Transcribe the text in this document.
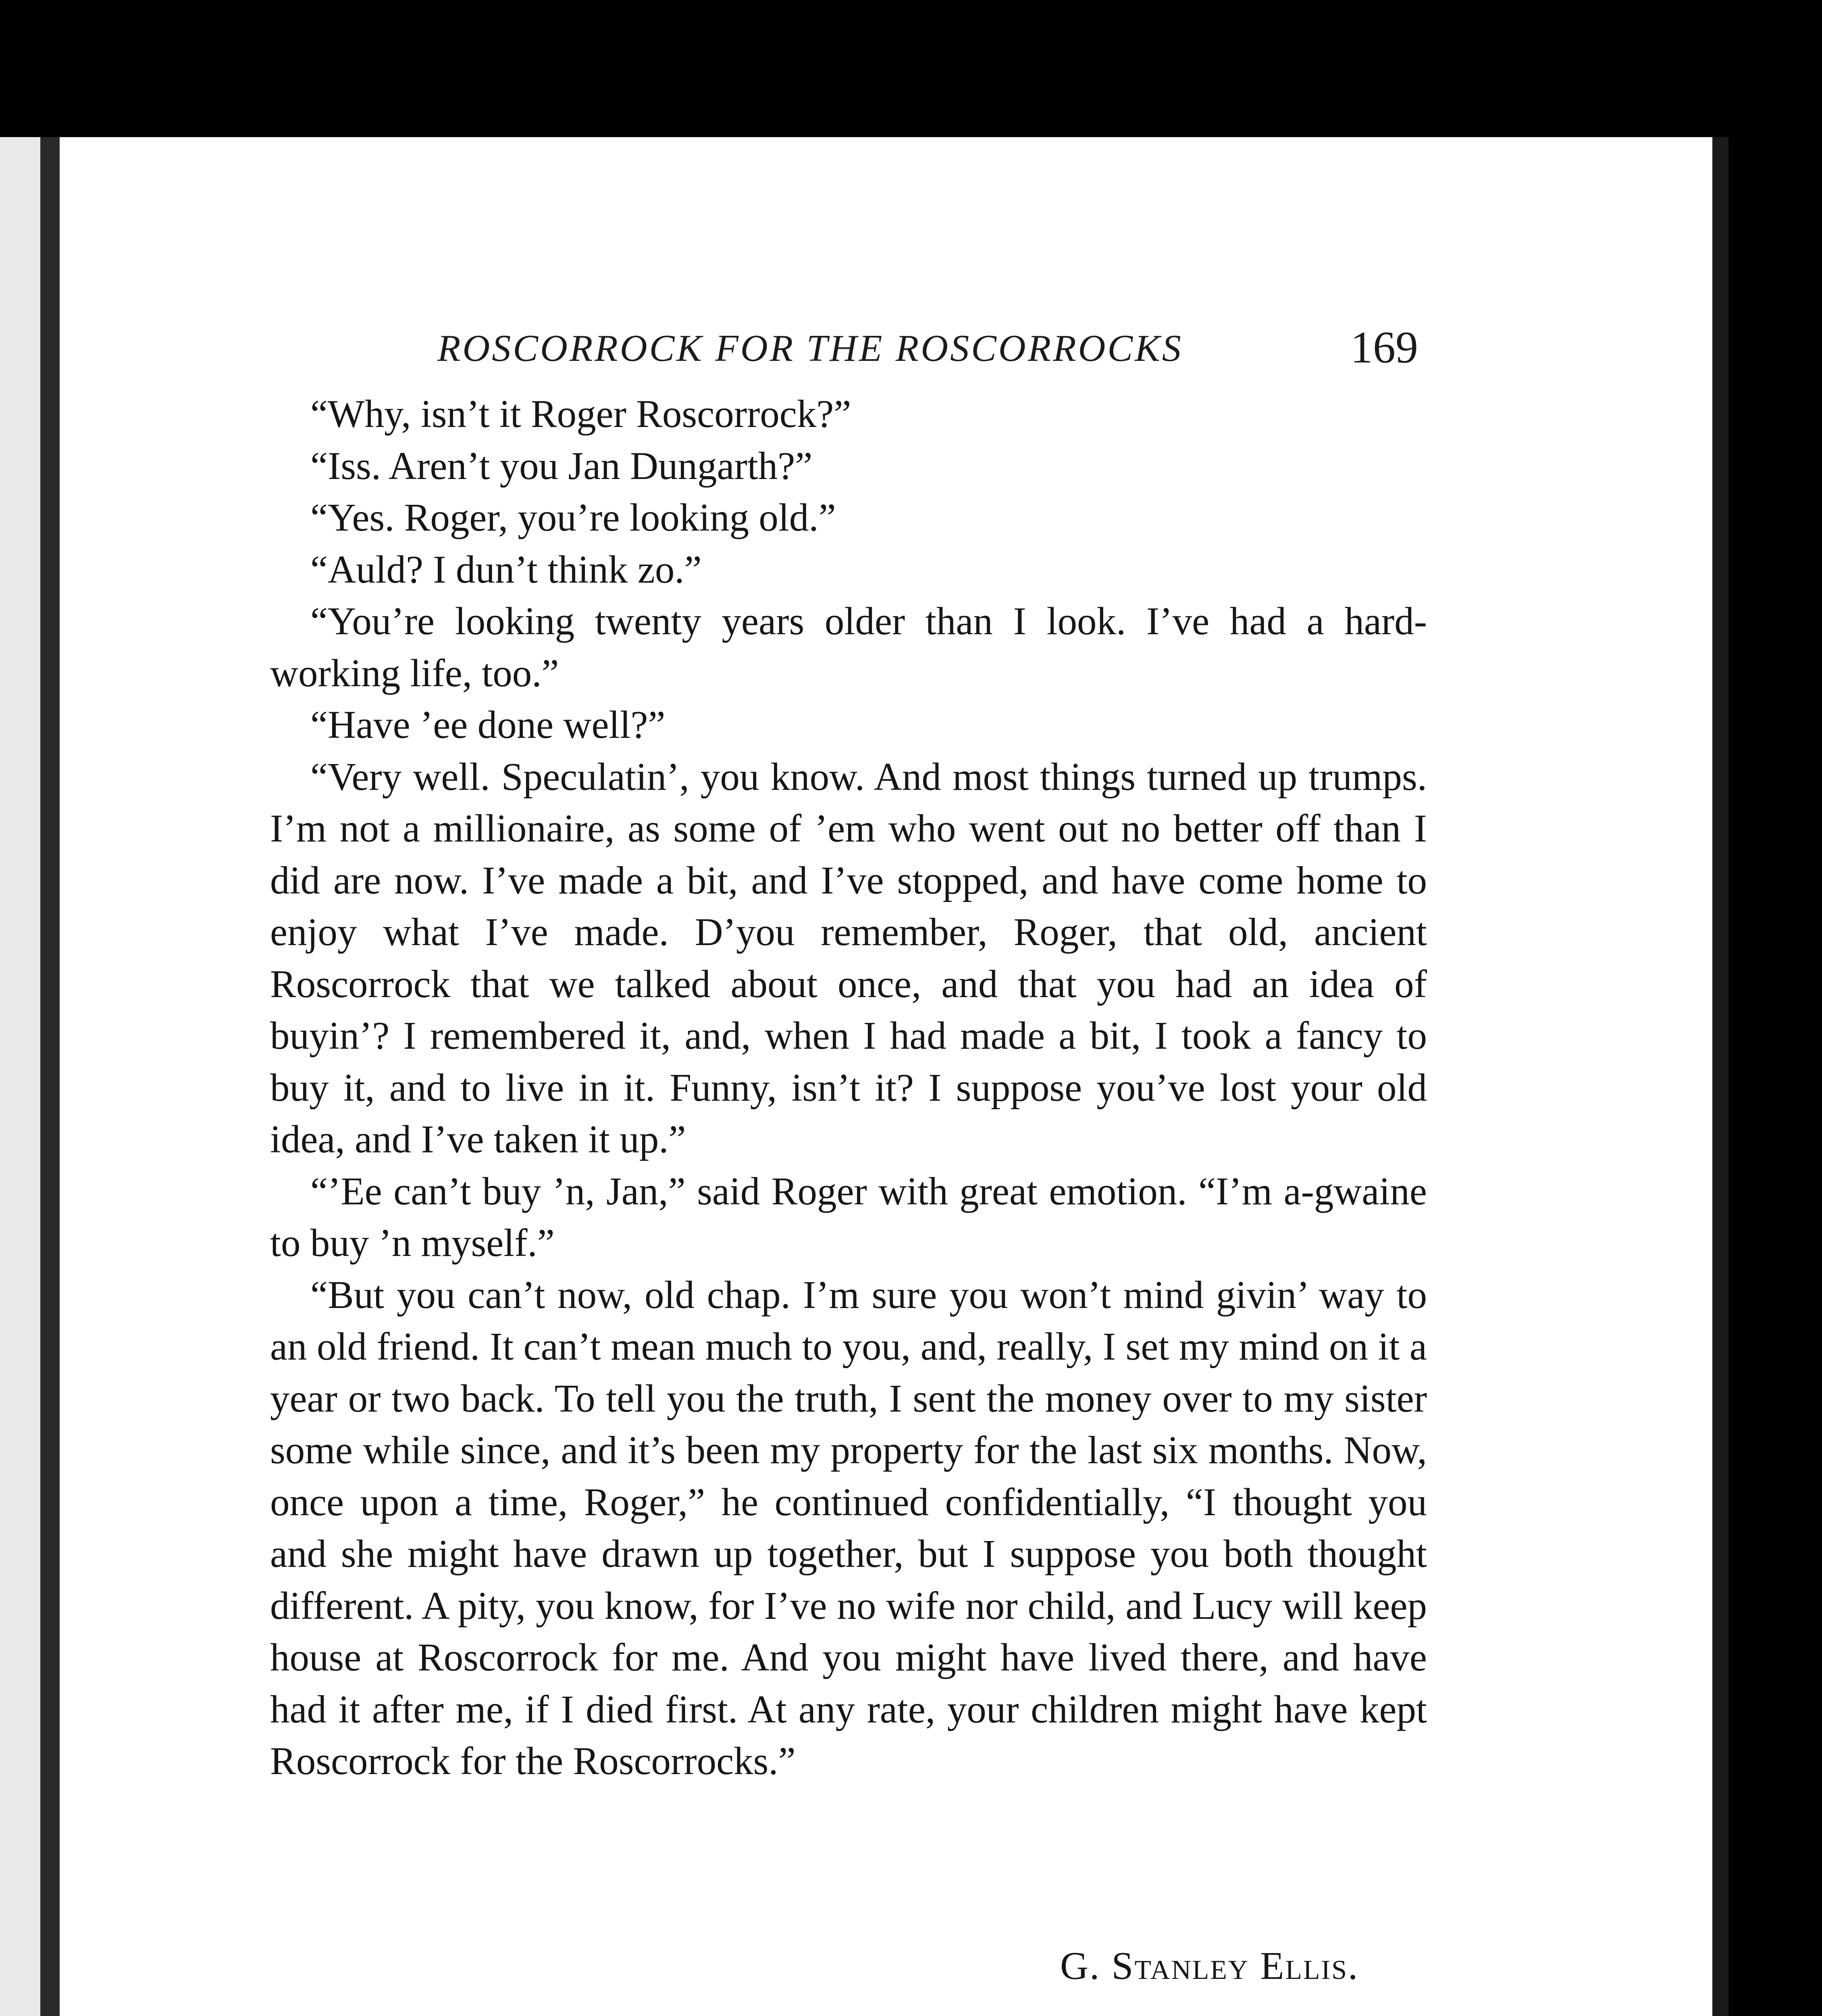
ROSCORROCK FOR THE ROSCORROCKS	169

“Why, isn’t it Roger Roscorrock?”

“Iss. Aren’t you Jan Dungarth?”

“Yes. Roger, you’re looking old.”

“Auld? I dun’t think zo.”

“You’re looking twenty years older than I look. I’ve had a hard-working life, too.”

“Have ’ee done well?”

“Very well. Speculatin’, you know. And most things turned up trumps. I’m not a millionaire, as some of ’em who went out no better off than I did are now. I’ve made a bit, and I’ve stopped, and have come home to enjoy what I’ve made. D’you remember, Roger, that old, ancient Roscorrock that we talked about once, and that you had an idea of buyin’? I remembered it, and, when I had made a bit, I took a fancy to buy it, and to live in it. Funny, isn’t it? I suppose you’ve lost your old idea, and I’ve taken it up.”

“’Ee can’t buy ’n, Jan,” said Roger with great emotion. “I’m a-gwaine to buy ’n myself.”

“But you can’t now, old chap. I’m sure you won’t mind givin’ way to an old friend. It can’t mean much to you, and, really, I set my mind on it a year or two back. To tell you the truth, I sent the money over to my sister some while since, and it’s been my property for the last six months. Now, once upon a time, Roger,” he continued confidentially, “I thought you and she might have drawn up together, but I suppose you both thought different. A pity, you know, for I’ve no wife nor child, and Lucy will keep house at Roscorrock for me. And you might have lived there, and have had it after me, if I died first. At any rate, your children might have kept Roscorrock for the Roscorrocks.”

G. Stanley Ellis.
